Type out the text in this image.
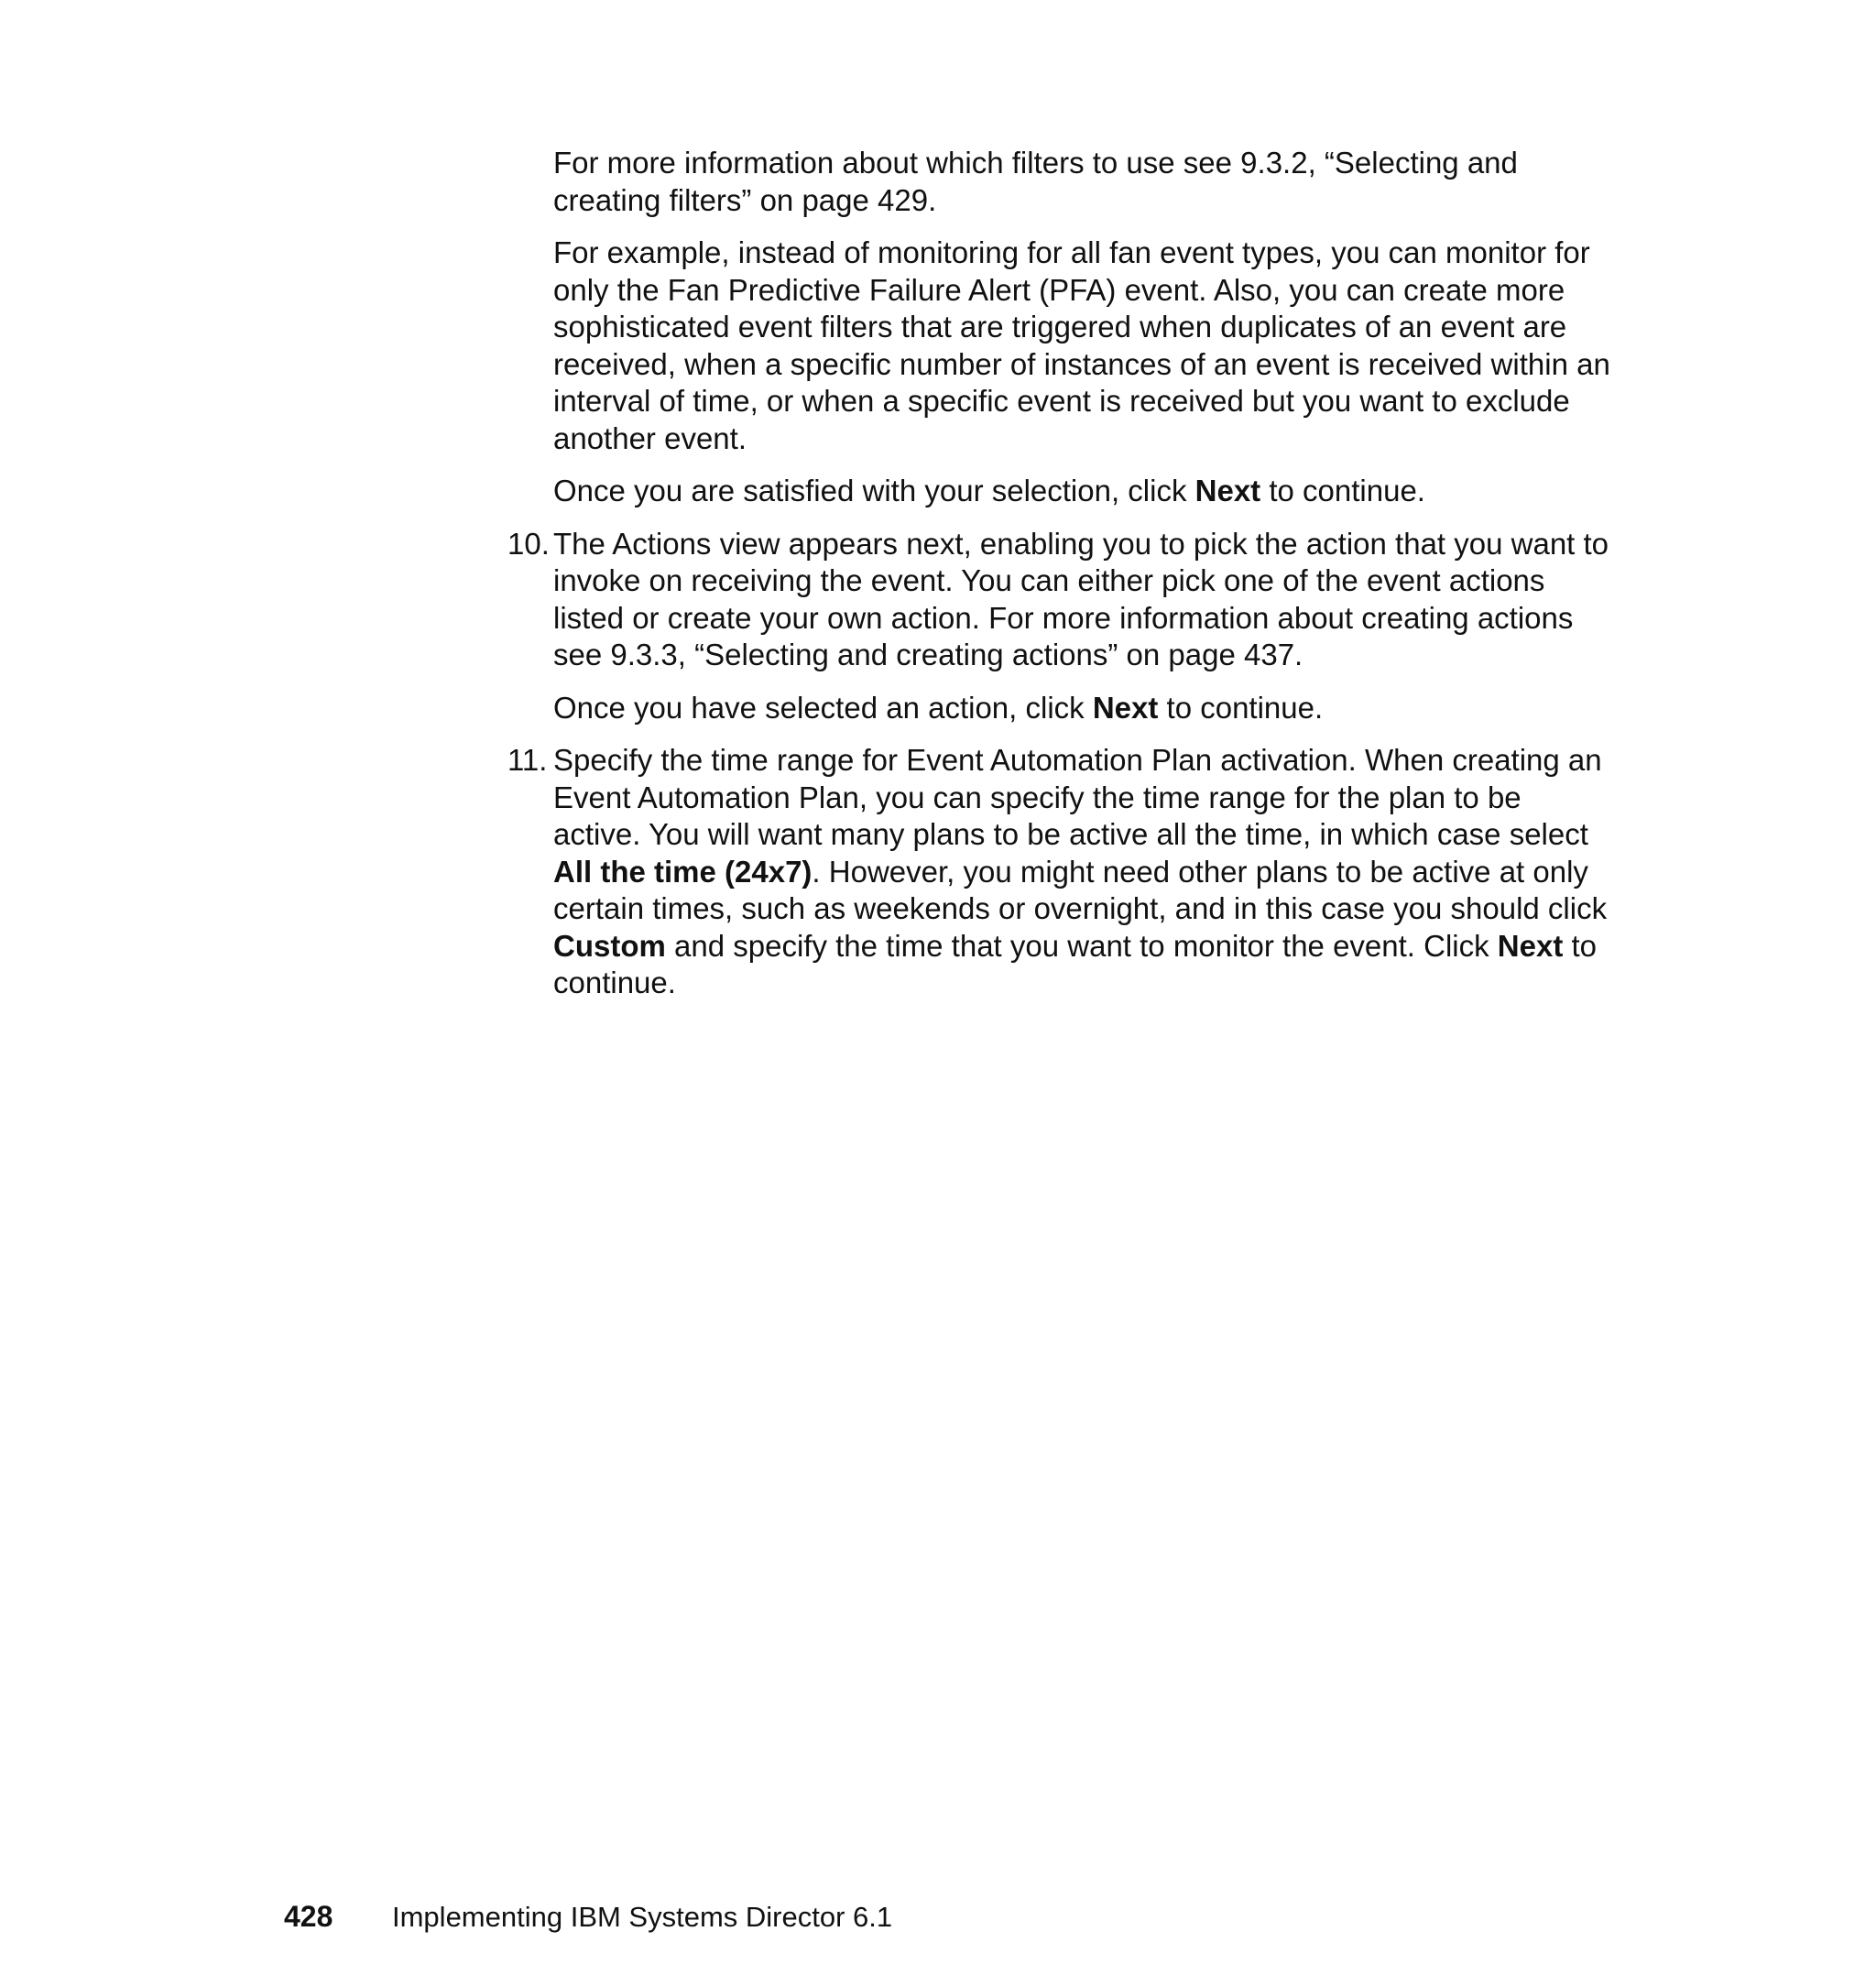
For more information about which filters to use see 9.3.2, “Selecting and creating filters” on page 429.

For example, instead of monitoring for all fan event types, you can monitor for only the Fan Predictive Failure Alert (PFA) event. Also, you can create more sophisticated event filters that are triggered when duplicates of an event are received, when a specific number of instances of an event is received within an interval of time, or when a specific event is received but you want to exclude another event.

Once you are satisfied with your selection, click Next to continue.

10. The Actions view appears next, enabling you to pick the action that you want to invoke on receiving the event. You can either pick one of the event actions listed or create your own action. For more information about creating actions see 9.3.3, “Selecting and creating actions” on page 437.

Once you have selected an action, click Next to continue.

11. Specify the time range for Event Automation Plan activation. When creating an Event Automation Plan, you can specify the time range for the plan to be active. You will want many plans to be active all the time, in which case select All the time (24x7). However, you might need other plans to be active at only certain times, such as weekends or overnight, and in this case you should click Custom and specify the time that you want to monitor the event. Click Next to continue.

428 Implementing IBM Systems Director 6.1
